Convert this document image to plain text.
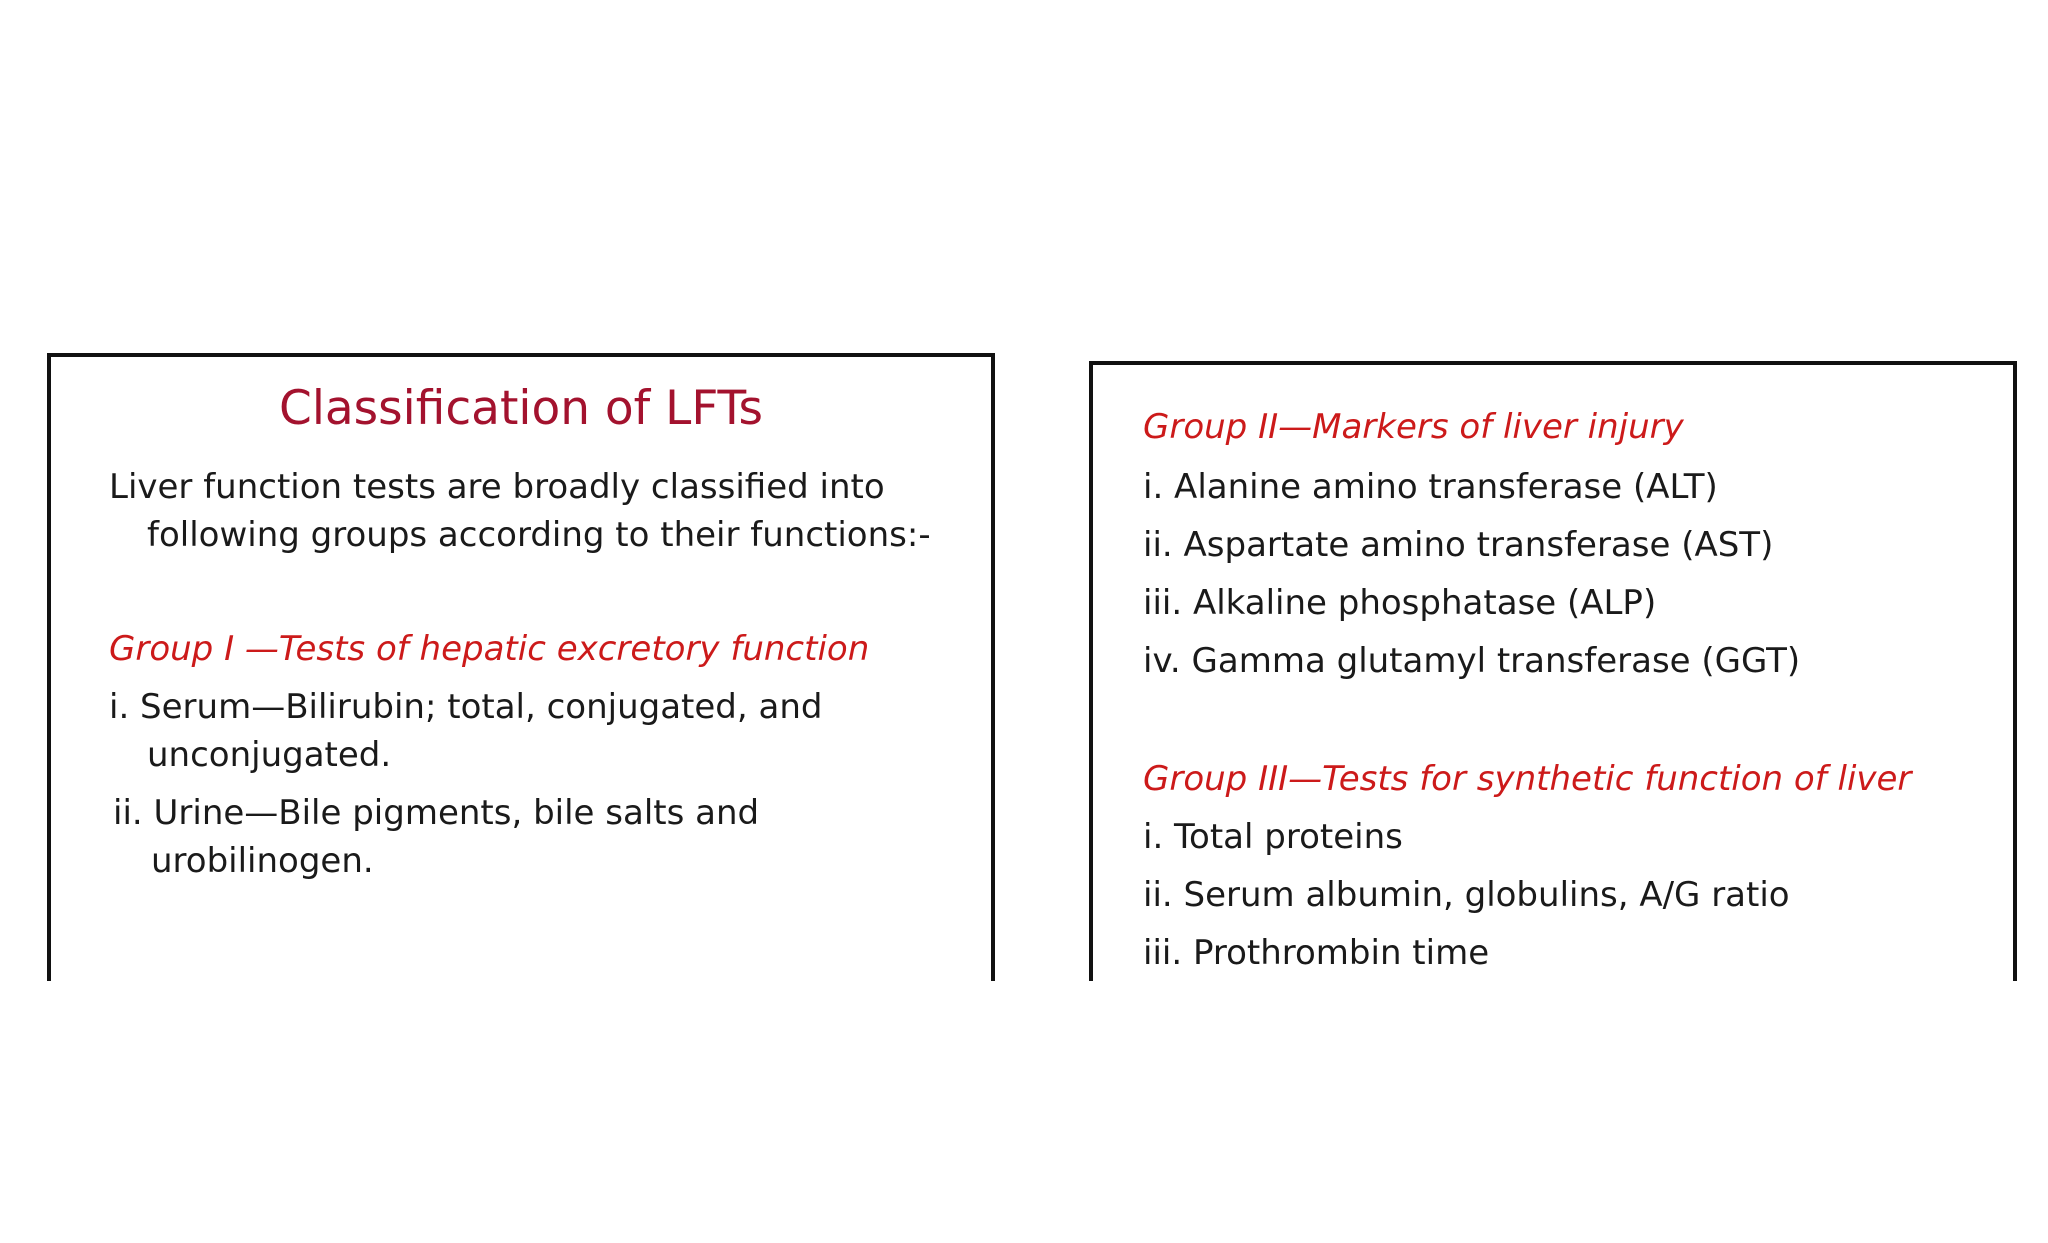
Classification of LFTs
Liver function tests are broadly classified into following groups according to their functions:-
Group I —Tests of hepatic excretory function
i. Serum—Bilirubin; total, conjugated, and unconjugated.
ii. Urine—Bile pigments, bile salts and urobilinogen.
Group II—Markers of liver injury
i. Alanine amino transferase (ALT)
ii. Aspartate amino transferase (AST)
iii. Alkaline phosphatase (ALP)
iv. Gamma glutamyl transferase (GGT)
Group III—Tests for synthetic function of liver
i. Total proteins
ii. Serum albumin, globulins, A/G ratio
iii. Prothrombin time
